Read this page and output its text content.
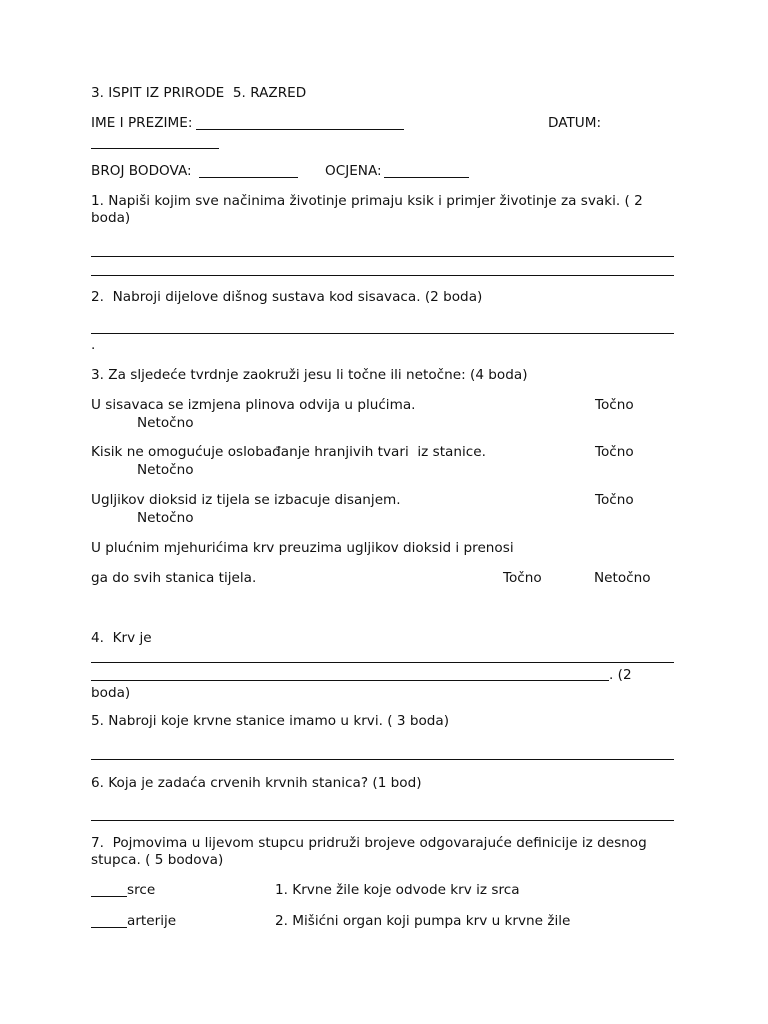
3. ISPIT IZ PRIRODE  5. RAZRED
IME I PREZIME:	DATUM:
BROJ BODOVA:	OCJENA:
1. Napiši kojim sve načinima životinje primaju ksik i primjer životinje za svaki. ( 2
boda)
2.  Nabroji dijelove dišnog sustava kod sisavaca. (2 boda)
.
3. Za sljedeće tvrdnje zaokruži jesu li točne ili netočne: (4 boda)
U sisavaca se izmjena plinova odvija u plućima.	Točno
Netočno
Kisik ne omogućuje oslobađanje hranjivih tvari  iz stanice.	Točno
Netočno
Ugljikov dioksid iz tijela se izbacuje disanjem.	Točno
Netočno
U plućnim mjehurićima krv preuzima ugljikov dioksid i prenosi
ga do svih stanica tijela.	Točno	Netočno
4.  Krv je
. (2
boda)
5. Nabroji koje krvne stanice imamo u krvi. ( 3 boda)
6. Koja je zadaća crvenih krvnih stanica? (1 bod)
7.  Pojmovima u lijevom stupcu pridruži brojeve odgovarajuće definicije iz desnog
stupca. ( 5 bodova)
srce	1. Krvne žile koje odvode krv iz srca
arterije	2. Mišićni organ koji pumpa krv u krvne žile
